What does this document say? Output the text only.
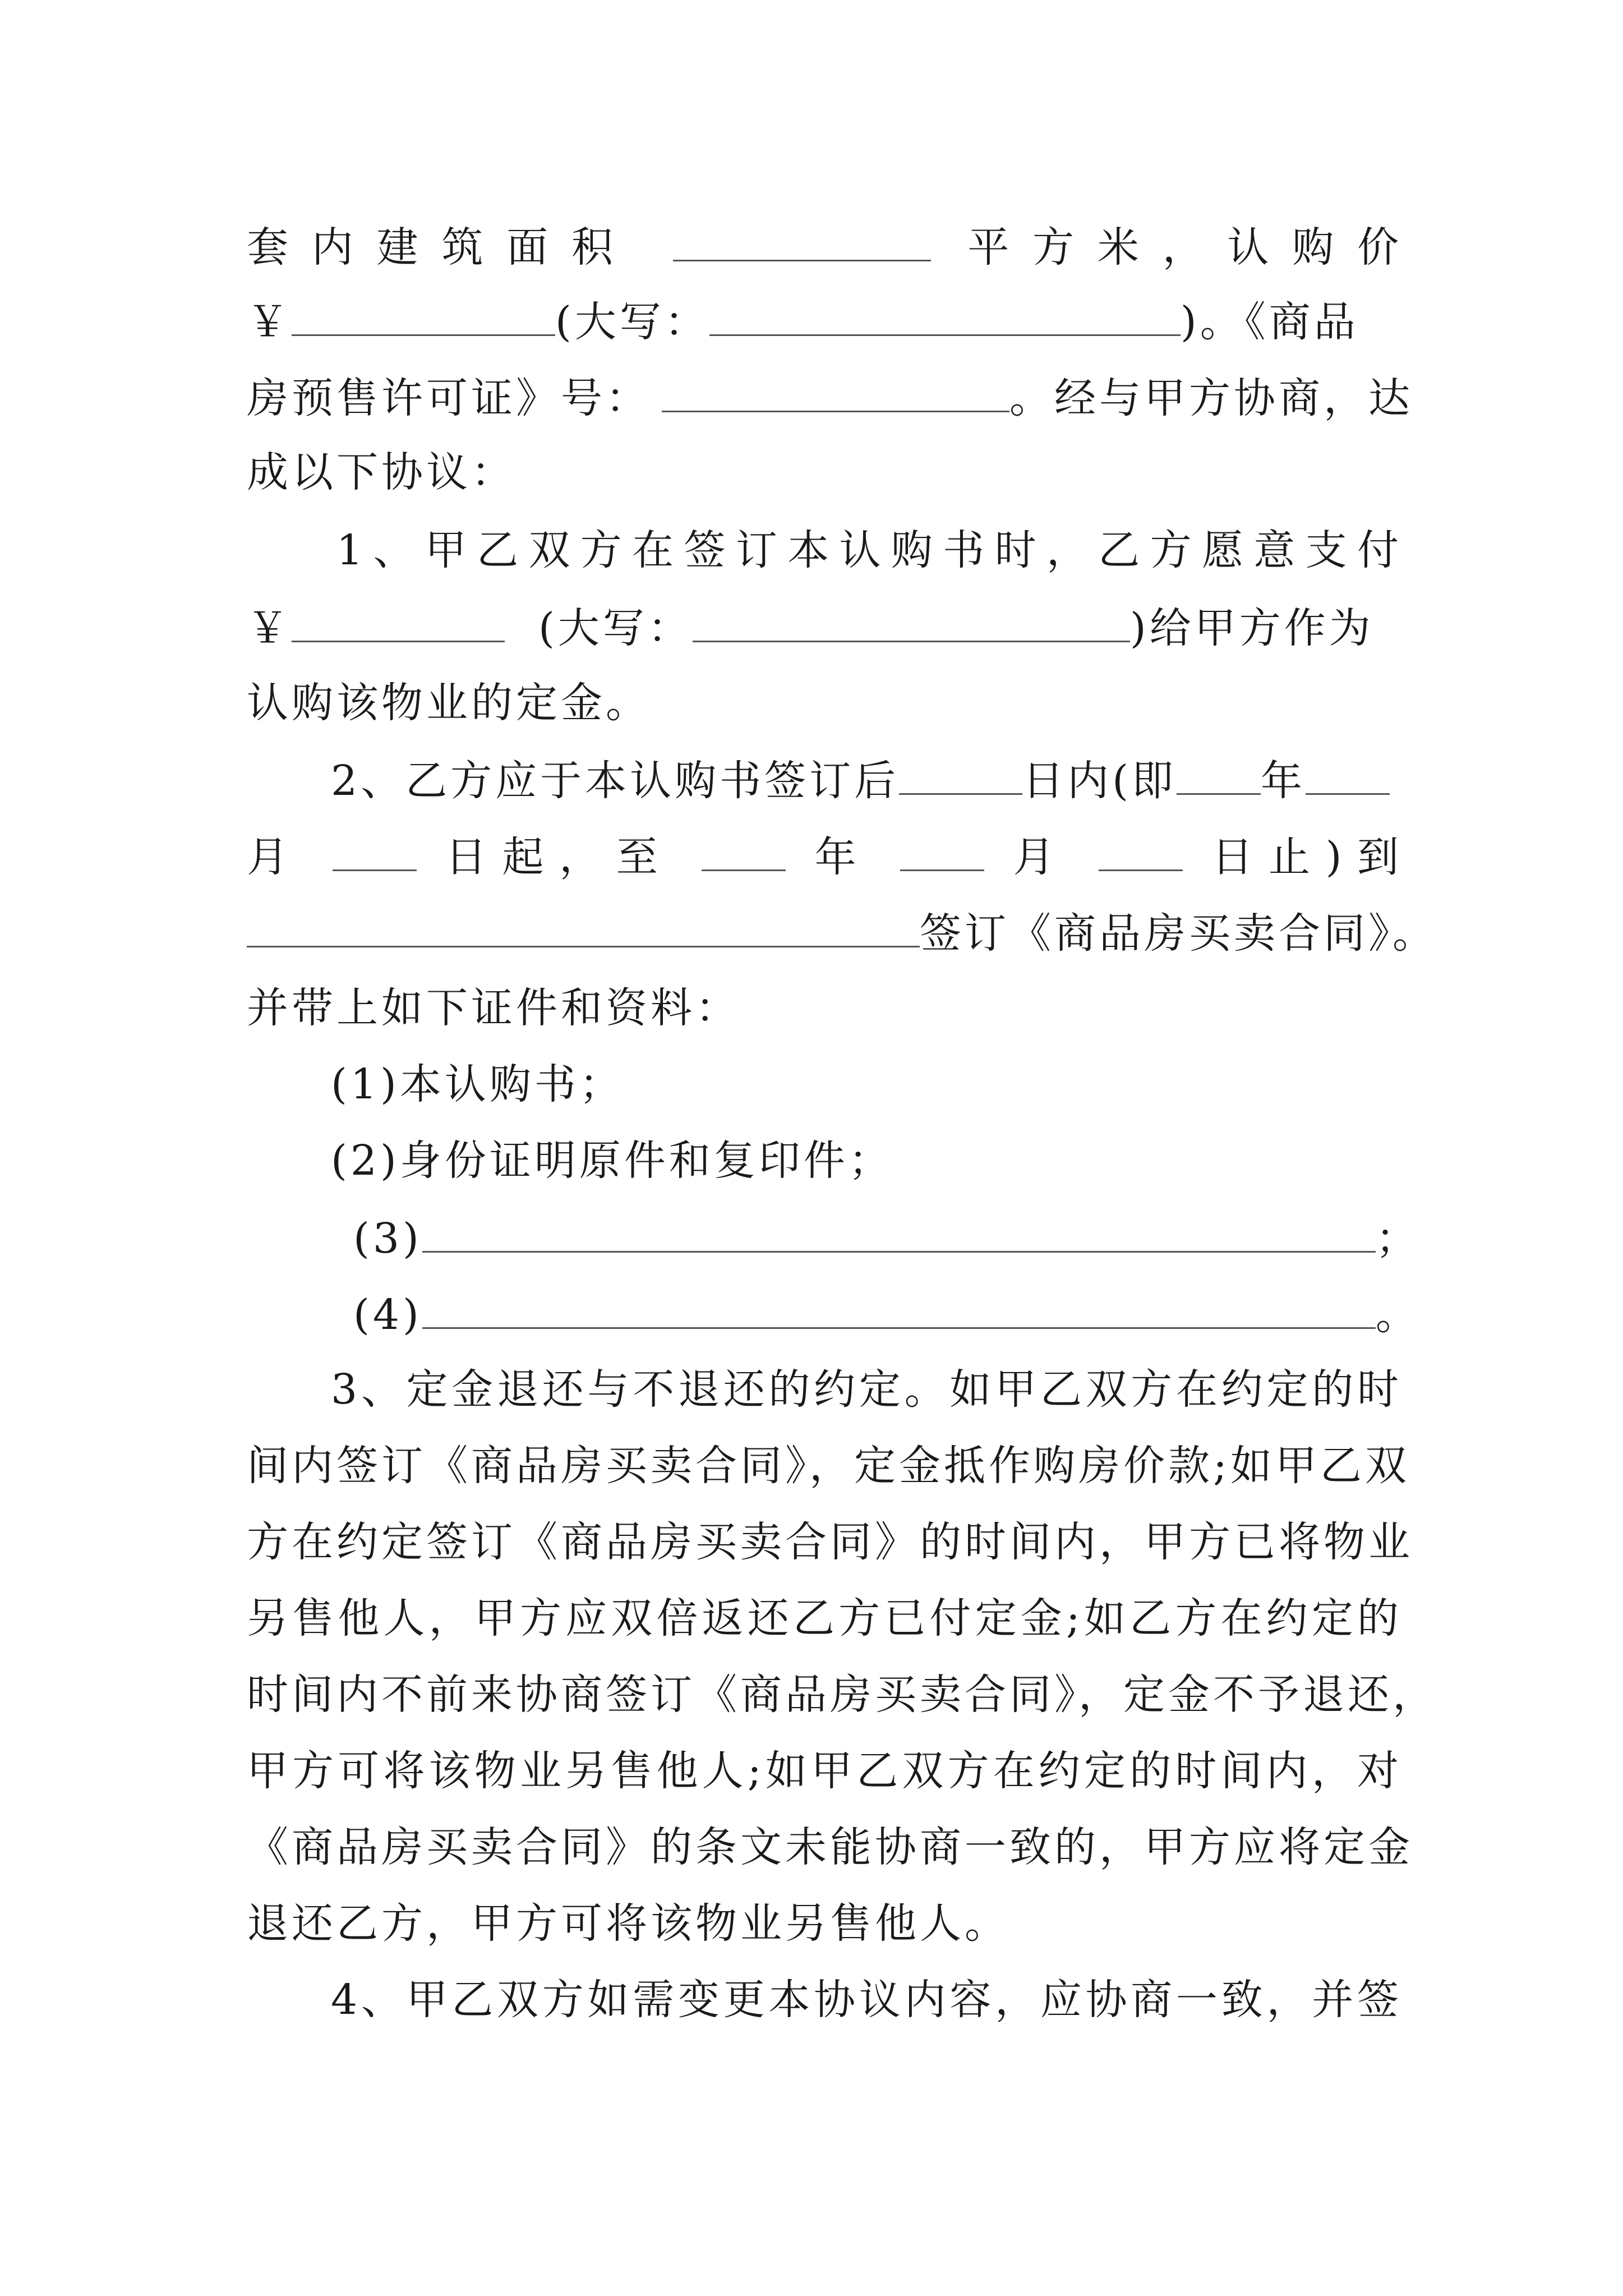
套内建筑面积	平方米，认购价
￥	(大写：	)。《商品
房预售许可证》号：	。经与甲方协商，达
成以下协议：
1、甲乙双方在签订本认购书时，乙方愿意支付
￥	(大写：	)给甲方作为
认购该物业的定金。
2、乙方应于本认购书签订后	日内(即 年
月	日起，至	年	月	日止)到
签订《商品房买卖合同》。
并带上如下证件和资料：
(1)本认购书；
(2)身份证明原件和复印件；
(3)	；
(4)	。
3、定金退还与不退还的约定。如甲乙双方在约定的时
间内签订《商品房买卖合同》，定金抵作购房价款;如甲乙双
方在约定签订《商品房买卖合同》的时间内，甲方已将物业
另售他人，甲方应双倍返还乙方已付定金;如乙方在约定的
时间内不前来协商签订《商品房买卖合同》，定金不予退还，
甲方可将该物业另售他人;如甲乙双方在约定的时间内，对
《商品房买卖合同》的条文未能协商一致的，甲方应将定金
退还乙方，甲方可将该物业另售他人。
4、甲乙双方如需变更本协议内容，应协商一致，并签
